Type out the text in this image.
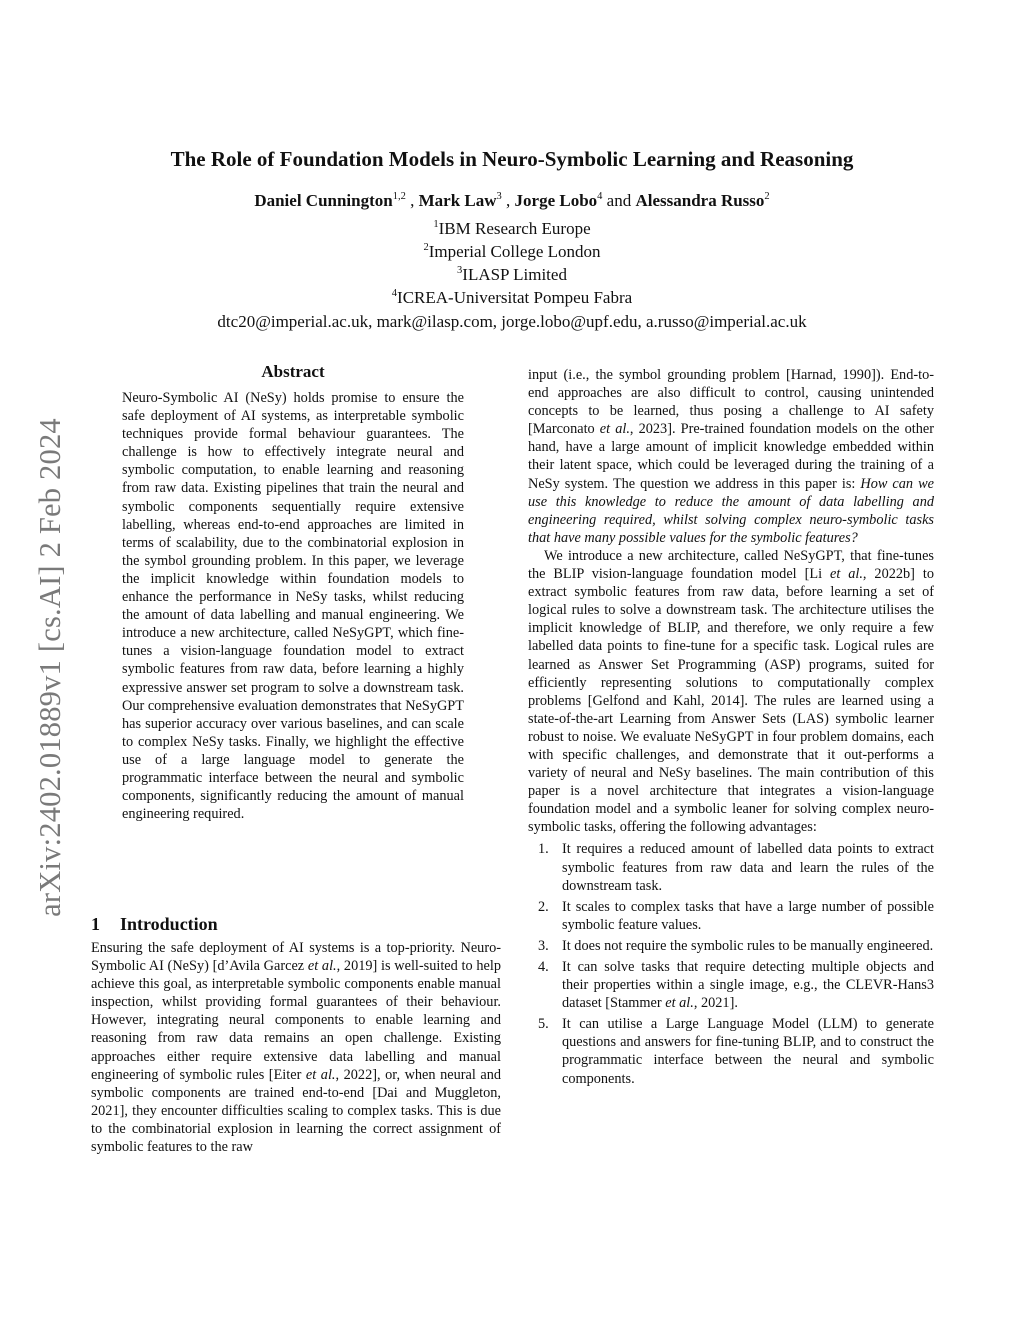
The Role of Foundation Models in Neuro-Symbolic Learning and Reasoning
Daniel Cunnington$^{1,2}$ , Mark Law$^3$ , Jorge Lobo$^4$ and Alessandra Russo$^2$
$^1$IBM Research Europe
$^2$Imperial College London
$^3$ILASP Limited
$^4$ICREA-Universitat Pompeu Fabra
dtc20@imperial.ac.uk, mark@ilasp.com, jorge.lobo@upf.edu, a.russo@imperial.ac.uk
arXiv:2402.01889v1 [cs.AI] 2 Feb 2024
Abstract

Neuro-Symbolic AI (NeSy) holds promise to ensure the safe deployment of AI systems, as interpretable symbolic techniques provide formal behaviour guarantees. The challenge is how to effectively integrate neural and symbolic computation, to enable learning and reasoning from raw data. Existing pipelines that train the neural and symbolic components sequentially require extensive labelling, whereas end-to-end approaches are limited in terms of scalability, due to the combinatorial explosion in the symbol grounding problem. In this paper, we leverage the implicit knowledge within foundation models to enhance the performance in NeSy tasks, whilst reducing the amount of data labelling and manual engineering. We introduce a new architecture, called NeSyGPT, which fine-tunes a vision-language foundation model to extract symbolic features from raw data, before learning a highly expressive answer set program to solve a downstream task. Our comprehensive evaluation demonstrates that NeSyGPT has superior accuracy over various baselines, and can scale to complex NeSy tasks. Finally, we highlight the effective use of a large language model to generate the programmatic interface between the neural and symbolic components, significantly reducing the amount of manual engineering required.

1 Introduction

Ensuring the safe deployment of AI systems is a top-priority. Neuro-Symbolic AI (NeSy) [d’Avila Garcez et al., 2019] is well-suited to help achieve this goal, as interpretable symbolic components enable manual inspection, whilst providing formal guarantees of their behaviour. However, integrating neural components to enable learning and reasoning from raw data remains an open challenge. Existing approaches either require extensive data labelling and manual engineering of symbolic rules [Eiter et al., 2022], or, when neural and symbolic components are trained end-to-end [Dai and Muggleton, 2021], they encounter difficulties scaling to complex tasks. This is due to the combinatorial explosion in learning the correct assignment of symbolic features to the raw

input (i.e., the symbol grounding problem [Harnad, 1990]). End-to-end approaches are also difficult to control, causing unintended concepts to be learned, thus posing a challenge to AI safety [Marconato et al., 2023]. Pre-trained foundation models on the other hand, have a large amount of implicit knowledge embedded within their latent space, which could be leveraged during the training of a NeSy system. The question we address in this paper is: How can we use this knowledge to reduce the amount of data labelling and engineering required, whilst solving complex neuro-symbolic tasks that have many possible values for the symbolic features?

We introduce a new architecture, called NeSyGPT, that fine-tunes the BLIP vision-language foundation model [Li et al., 2022b] to extract symbolic features from raw data, before learning a set of logical rules to solve a downstream task. The architecture utilises the implicit knowledge of BLIP, and therefore, we only require a few labelled data points to fine-tune for a specific task. Logical rules are learned as Answer Set Programming (ASP) programs, suited for efficiently representing solutions to computationally complex problems [Gelfond and Kahl, 2014]. The rules are learned using a state-of-the-art Learning from Answer Sets (LAS) symbolic learner robust to noise. We evaluate NeSyGPT in four problem domains, each with specific challenges, and demonstrate that it out-performs a variety of neural and NeSy baselines. The main contribution of this paper is a novel architecture that integrates a vision-language foundation model and a symbolic leaner for solving complex neuro-symbolic tasks, offering the following advantages:

1. It requires a reduced amount of labelled data points to extract symbolic features from raw data and learn the rules of the downstream task.
2. It scales to complex tasks that have a large number of possible symbolic feature values.
3. It does not require the symbolic rules to be manually engineered.
4. It can solve tasks that require detecting multiple objects and their properties within a single image, e.g., the CLEVR-Hans3 dataset [Stammer et al., 2021].
5. It can utilise a Large Language Model (LLM) to generate questions and answers for fine-tuning BLIP, and to construct the programmatic interface between the neural and symbolic components.
